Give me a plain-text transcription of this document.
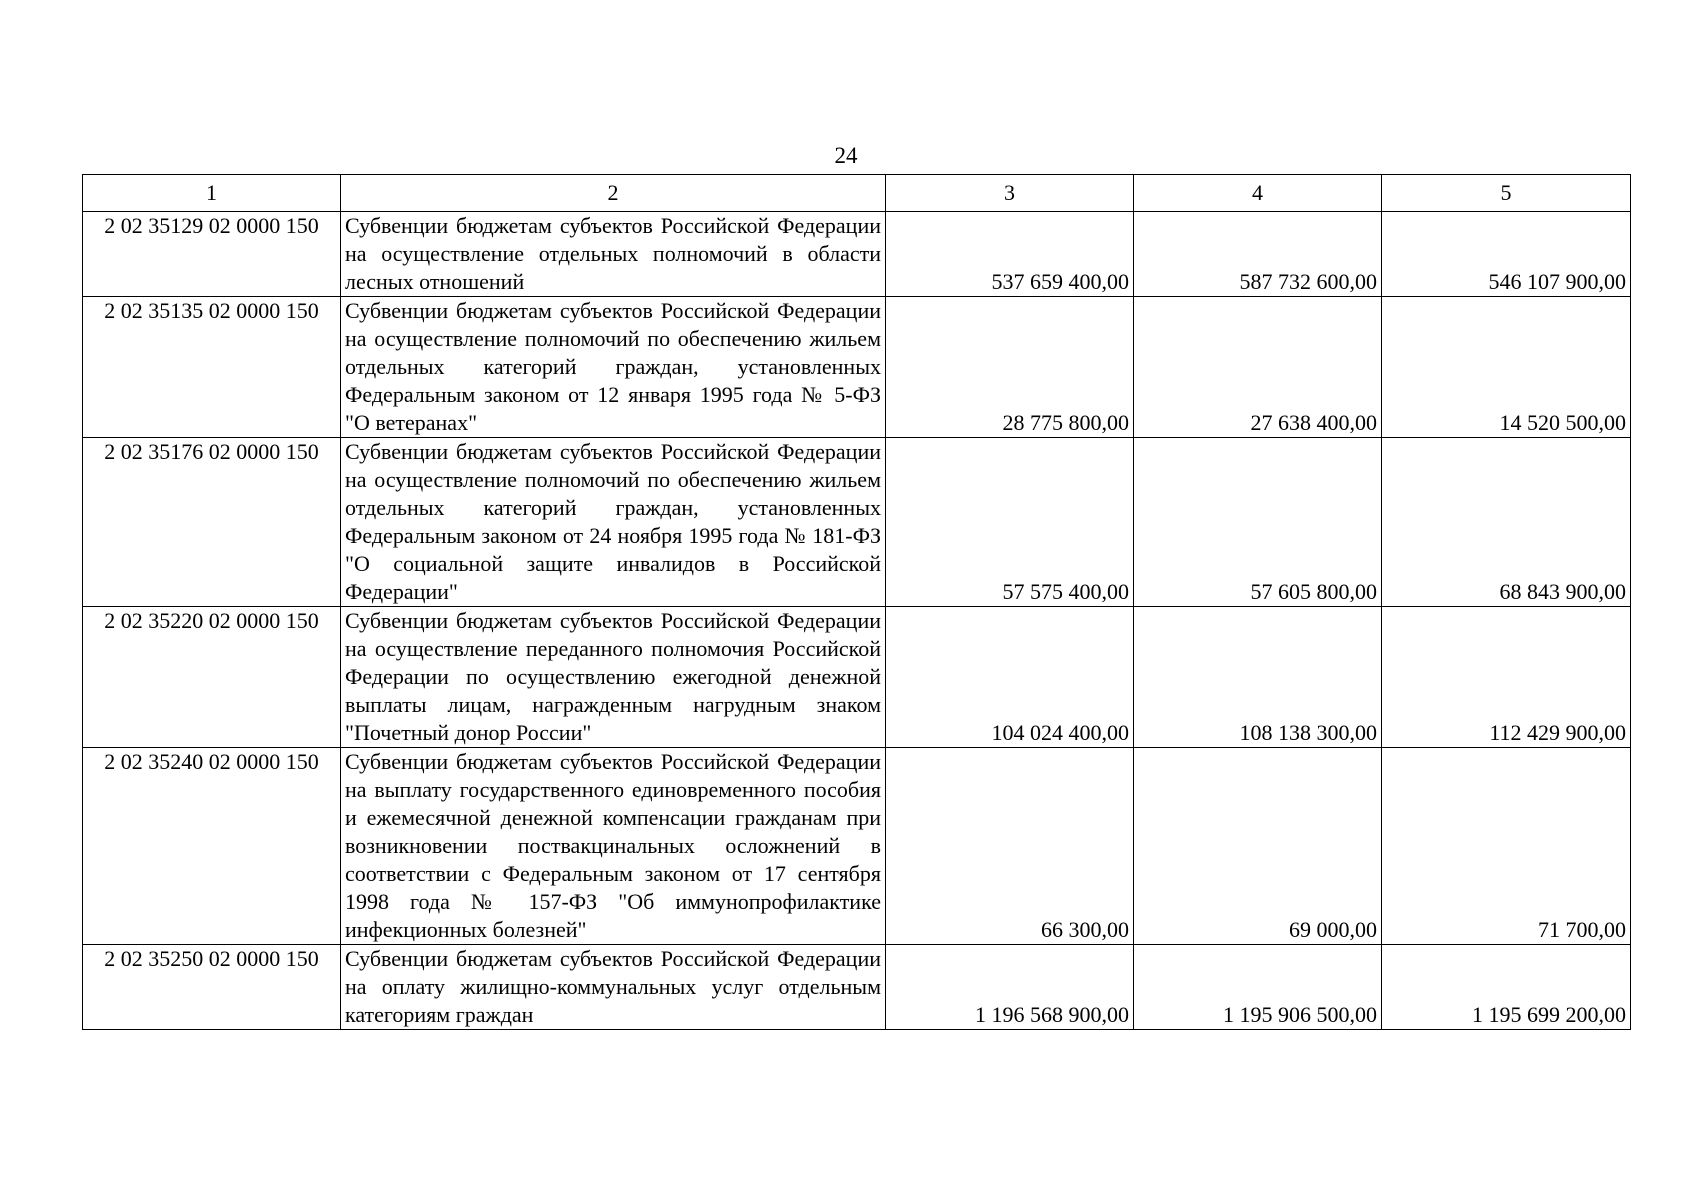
24
1	2	3	4	5
2 02 35129 02 0000 150	Субвенции бюджетам субъектов Российской Федерации на осуществление отдельных полномочий в области лесных отношений	537 659 400,00	587 732 600,00	546 107 900,00
2 02 35135 02 0000 150	Субвенции бюджетам субъектов Российской Федерации на осуществление полномочий по обеспечению жильем отдельных категорий граждан, установленных Федеральным законом от 12 января 1995 года № 5-ФЗ "О ветеранах"	28 775 800,00	27 638 400,00	14 520 500,00
2 02 35176 02 0000 150	Субвенции бюджетам субъектов Российской Федерации на осуществление полномочий по обеспечению жильем отдельных категорий граждан, установленных Федеральным законом от 24 ноября 1995 года № 181-ФЗ "О социальной защите инвалидов в Российской Федерации"	57 575 400,00	57 605 800,00	68 843 900,00
2 02 35220 02 0000 150	Субвенции бюджетам субъектов Российской Федерации на осуществление переданного полномочия Российской Федерации по осуществлению ежегодной денежной выплаты лицам, награжденным нагрудным знаком "Почетный донор России"	104 024 400,00	108 138 300,00	112 429 900,00
2 02 35240 02 0000 150	Субвенции бюджетам субъектов Российской Федерации на выплату государственного единовременного пособия и ежемесячной денежной компенсации гражданам при возникновении поствакцинальных осложнений в соответствии с Федеральным законом от 17 сентября 1998 года № 157-ФЗ "Об иммунопрофилактике инфекционных болезней"	66 300,00	69 000,00	71 700,00
2 02 35250 02 0000 150	Субвенции бюджетам субъектов Российской Федерации на оплату жилищно-коммунальных услуг отдельным категориям граждан	1 196 568 900,00	1 195 906 500,00	1 195 699 200,00
